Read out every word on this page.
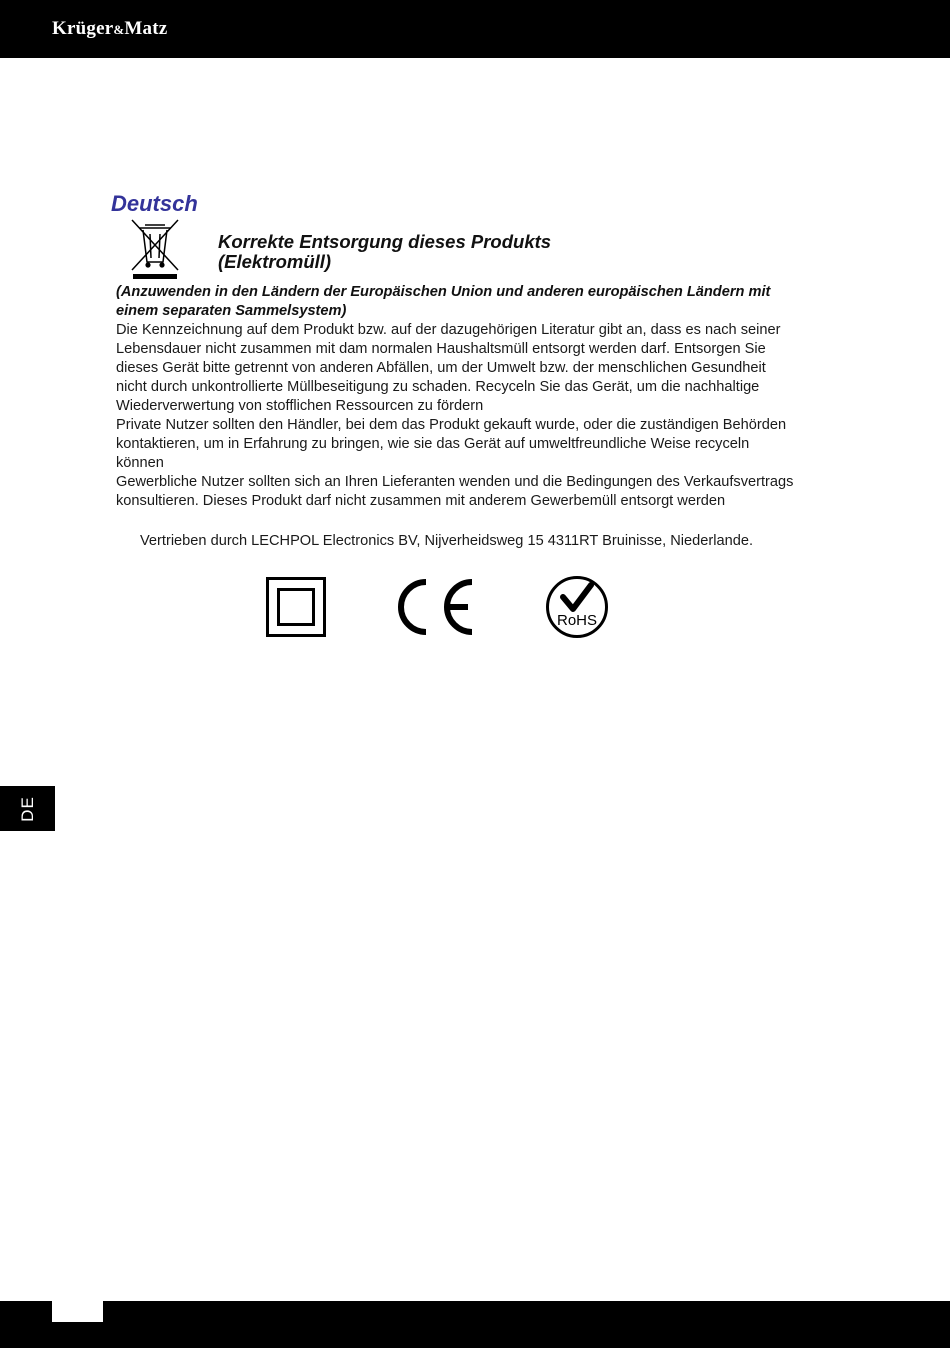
Krüger&Matz
Deutsch
Korrekte Entsorgung dieses Produkts
(Elektromüll)

(Anzuwenden in den Ländern der Europäischen Union und anderen europäischen Ländern mit

einem separaten Sammelsystem)

Die Kennzeichnung auf dem Produkt bzw. auf der dazugehörigen Literatur gibt an, dass es nach seiner

Lebensdauer nicht zusammen mit dam normalen Haushaltsmüll entsorgt werden darf. Entsorgen Sie

dieses Gerät bitte getrennt von anderen Abfällen, um der Umwelt bzw. der menschlichen Gesundheit

nicht durch unkontrollierte Müllbeseitigung zu schaden. Recyceln Sie das Gerät, um die nachhaltige

Wiederverwertung von stofflichen Ressourcen zu fördern

Private Nutzer sollten den Händler, bei dem das Produkt gekauft wurde, oder die zuständigen Behörden

kontaktieren, um in Erfahrung zu bringen, wie sie das Gerät auf umweltfreundliche Weise recyceln

können

Gewerbliche Nutzer sollten sich an Ihren Lieferanten wenden und die Bedingungen des Verkaufsvertrags

konsultieren. Dieses Produkt darf nicht zusammen mit anderem Gewerbemüll entsorgt werden

Vertrieben durch LECHPOL Electronics BV, Nijverheidsweg 15 4311RT Bruinisse, Niederlande.

RoHS
DE
